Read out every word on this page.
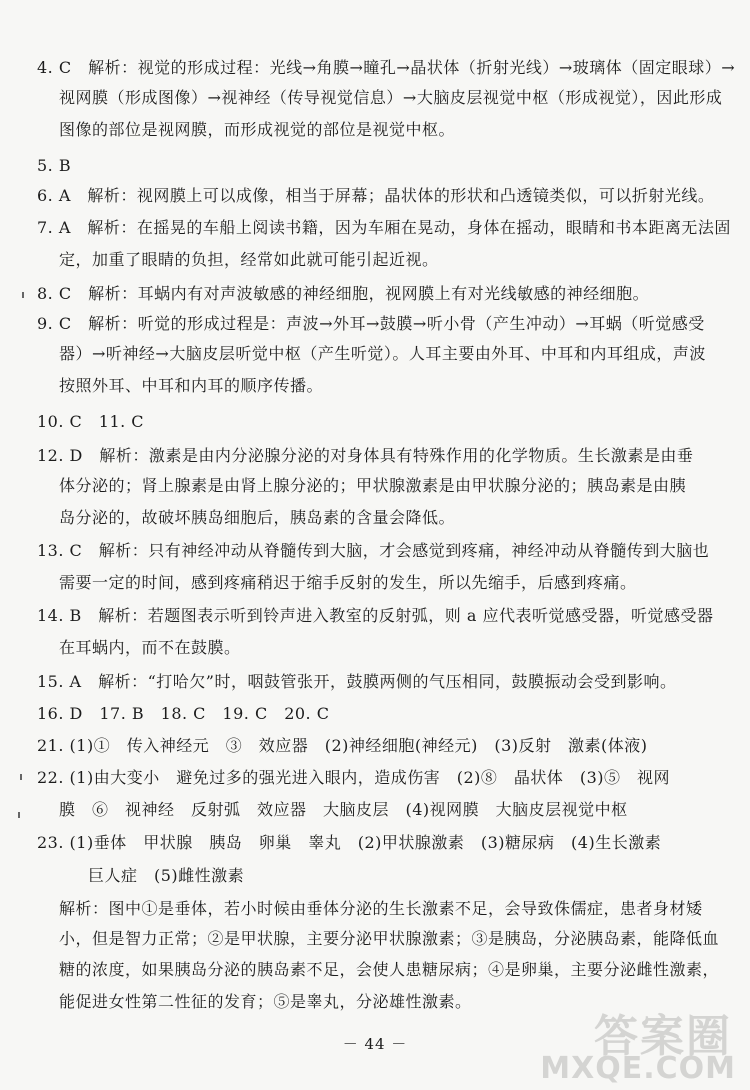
4. C　解析：视觉的形成过程：光线→角膜→瞳孔→晶状体（折射光线）→玻璃体（固定眼球）→
视网膜（形成图像）→视神经（传导视觉信息）→大脑皮层视觉中枢（形成视觉），因此形成
图像的部位是视网膜，而形成视觉的部位是视觉中枢。
5. B
6. A　解析：视网膜上可以成像，相当于屏幕；晶状体的形状和凸透镜类似，可以折射光线。
7. A　解析：在摇晃的车船上阅读书籍，因为车厢在晃动，身体在摇动，眼睛和书本距离无法固
定，加重了眼睛的负担，经常如此就可能引起近视。
8. C　解析：耳蜗内有对声波敏感的神经细胞，视网膜上有对光线敏感的神经细胞。
9. C　解析：听觉的形成过程是：声波→外耳→鼓膜→听小骨（产生冲动）→耳蜗（听觉感受
器）→听神经→大脑皮层听觉中枢（产生听觉）。人耳主要由外耳、中耳和内耳组成，声波
按照外耳、中耳和内耳的顺序传播。
10. C　11. C
12. D　解析：激素是由内分泌腺分泌的对身体具有特殊作用的化学物质。生长激素是由垂
体分泌的；肾上腺素是由肾上腺分泌的；甲状腺激素是由甲状腺分泌的；胰岛素是由胰
岛分泌的，故破坏胰岛细胞后，胰岛素的含量会降低。
13. C　解析：只有神经冲动从脊髓传到大脑，才会感觉到疼痛，神经冲动从脊髓传到大脑也
需要一定的时间，感到疼痛稍迟于缩手反射的发生，所以先缩手，后感到疼痛。
14. B　解析：若题图表示听到铃声进入教室的反射弧，则 a 应代表听觉感受器，听觉感受器
在耳蜗内，而不在鼓膜。
15. A　解析：“打哈欠”时，咽鼓管张开，鼓膜两侧的气压相同，鼓膜振动会受到影响。
16. D　17. B　18. C　19. C　20. C
21. (1)①　传入神经元　③　效应器　(2)神经细胞(神经元)　(3)反射　激素(体液)
22. (1)由大变小　避免过多的强光进入眼内，造成伤害　(2)⑧　晶状体　(3)⑤　视网
膜　⑥　视神经　反射弧　效应器　大脑皮层　(4)视网膜　大脑皮层视觉中枢
23. (1)垂体　甲状腺　胰岛　卵巢　睾丸　(2)甲状腺激素　(3)糖尿病　(4)生长激素
巨人症　(5)雌性激素
解析：图中①是垂体，若小时候由垂体分泌的生长激素不足，会导致侏儒症，患者身材矮
小，但是智力正常；②是甲状腺，主要分泌甲状腺激素；③是胰岛，分泌胰岛素，能降低血
糖的浓度，如果胰岛分泌的胰岛素不足，会使人患糖尿病；④是卵巢，主要分泌雌性激素，
能促进女性第二性征的发育；⑤是睾丸，分泌雄性激素。
－ 44 －	答案圈
MXQE.COM
